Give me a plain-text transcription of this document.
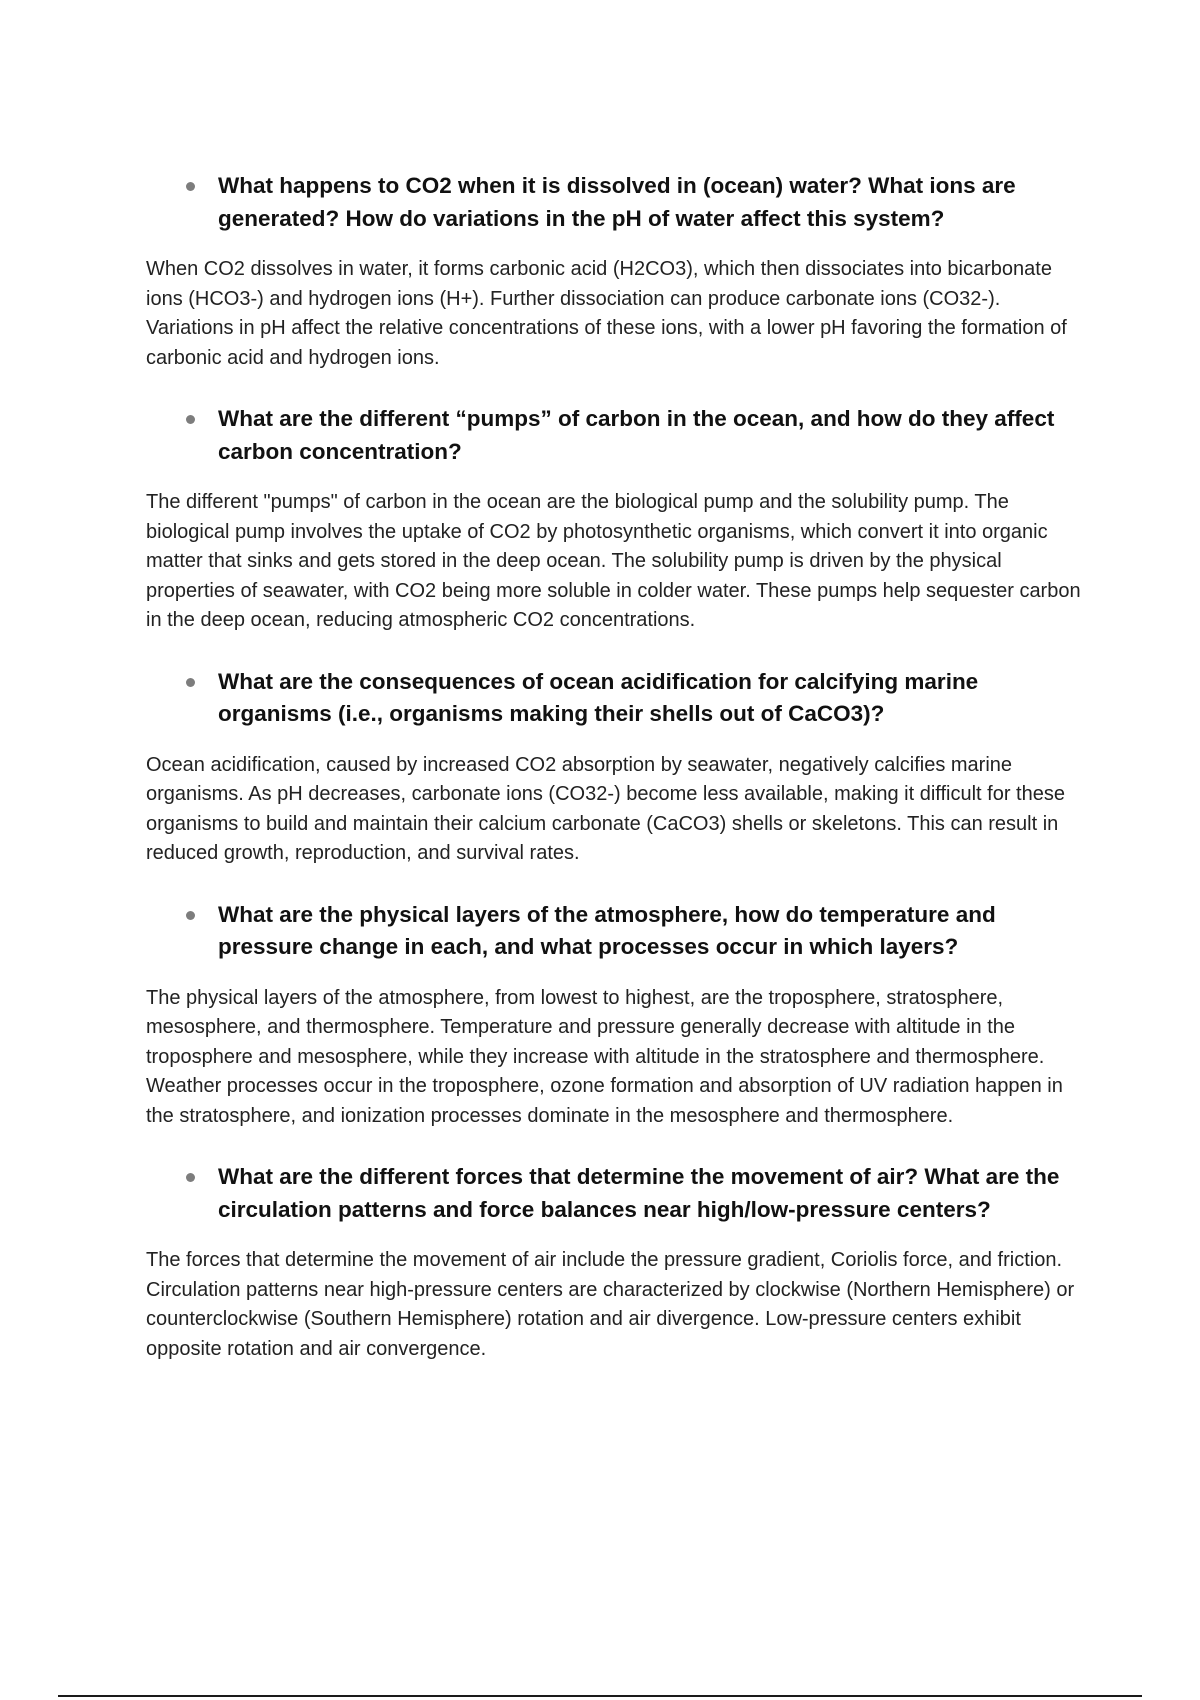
What happens to CO2 when it is dissolved in (ocean) water? What ions are generated? How do variations in the pH of water affect this system?

When CO2 dissolves in water, it forms carbonic acid (H2CO3), which then dissociates into bicarbonate ions (HCO3-) and hydrogen ions (H+). Further dissociation can produce carbonate ions (CO32-). Variations in pH affect the relative concentrations of these ions, with a lower pH favoring the formation of carbonic acid and hydrogen ions.

What are the different “pumps” of carbon in the ocean, and how do they affect carbon concentration?

The different "pumps" of carbon in the ocean are the biological pump and the solubility pump. The biological pump involves the uptake of CO2 by photosynthetic organisms, which convert it into organic matter that sinks and gets stored in the deep ocean. The solubility pump is driven by the physical properties of seawater, with CO2 being more soluble in colder water. These pumps help sequester carbon in the deep ocean, reducing atmospheric CO2 concentrations.

What are the consequences of ocean acidification for calcifying marine organisms (i.e., organisms making their shells out of CaCO3)?

Ocean acidification, caused by increased CO2 absorption by seawater, negatively calcifies marine organisms. As pH decreases, carbonate ions (CO32-) become less available, making it difficult for these organisms to build and maintain their calcium carbonate (CaCO3) shells or skeletons. This can result in reduced growth, reproduction, and survival rates.

What are the physical layers of the atmosphere, how do temperature and pressure change in each, and what processes occur in which layers?

The physical layers of the atmosphere, from lowest to highest, are the troposphere, stratosphere, mesosphere, and thermosphere. Temperature and pressure generally decrease with altitude in the troposphere and mesosphere, while they increase with altitude in the stratosphere and thermosphere. Weather processes occur in the troposphere, ozone formation and absorption of UV radiation happen in the stratosphere, and ionization processes dominate in the mesosphere and thermosphere.

What are the different forces that determine the movement of air? What are the circulation patterns and force balances near high/low-pressure centers?

The forces that determine the movement of air include the pressure gradient, Coriolis force, and friction. Circulation patterns near high-pressure centers are characterized by clockwise (Northern Hemisphere) or counterclockwise (Southern Hemisphere) rotation and air divergence. Low-pressure centers exhibit opposite rotation and air convergence.
